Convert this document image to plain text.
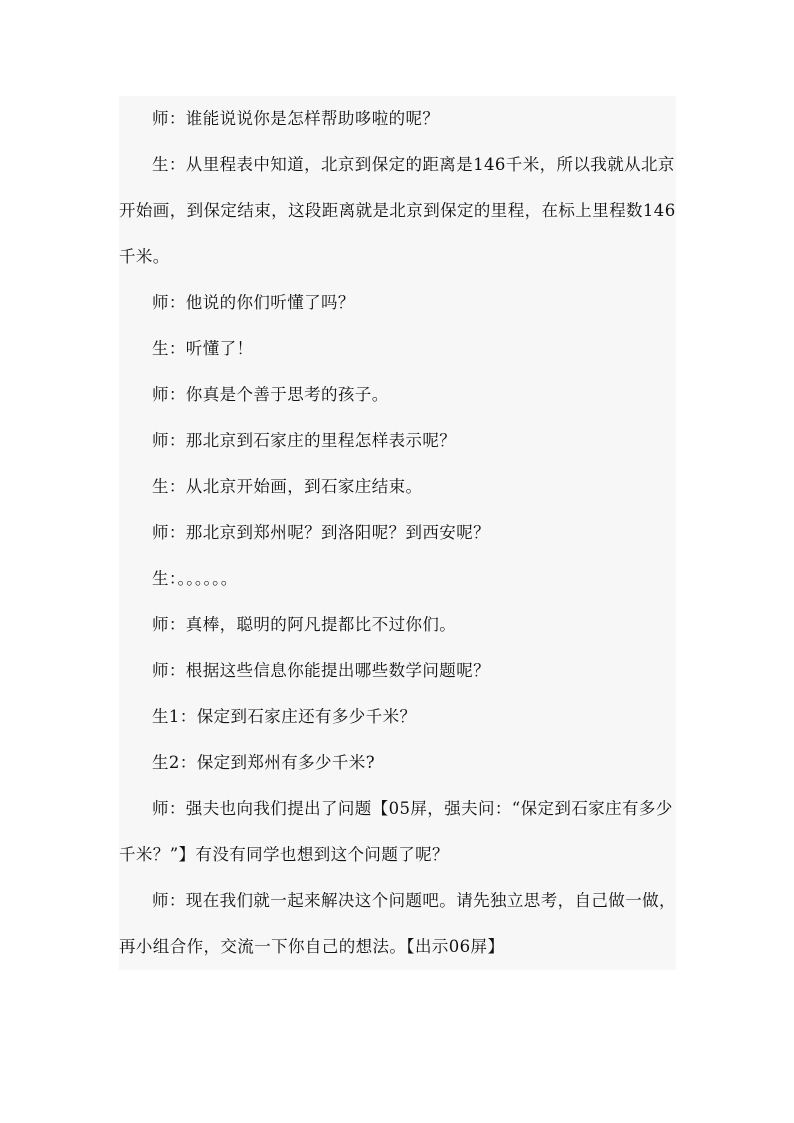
师：谁能说说你是怎样帮助哆啦的呢？

生：从里程表中知道，北京到保定的距离是146千米，所以我就从北京开始画，到保定结束，这段距离就是北京到保定的里程，在标上里程数146千米。

师：他说的你们听懂了吗？

生：听懂了！

师：你真是个善于思考的孩子。

师：那北京到石家庄的里程怎样表示呢？

生：从北京开始画，到石家庄结束。

师：那北京到郑州呢？到洛阳呢？到西安呢？

生：。。。。。。

师：真棒，聪明的阿凡提都比不过你们。

师：根据这些信息你能提出哪些数学问题呢？

生1：保定到石家庄还有多少千米？

生2：保定到郑州有多少千米?

师：强夫也向我们提出了问题【05屏，强夫问：“保定到石家庄有多少千米？”】有没有同学也想到这个问题了呢？

师：现在我们就一起来解决这个问题吧。请先独立思考，自己做一做，再小组合作，交流一下你自己的想法。【出示06屏】
